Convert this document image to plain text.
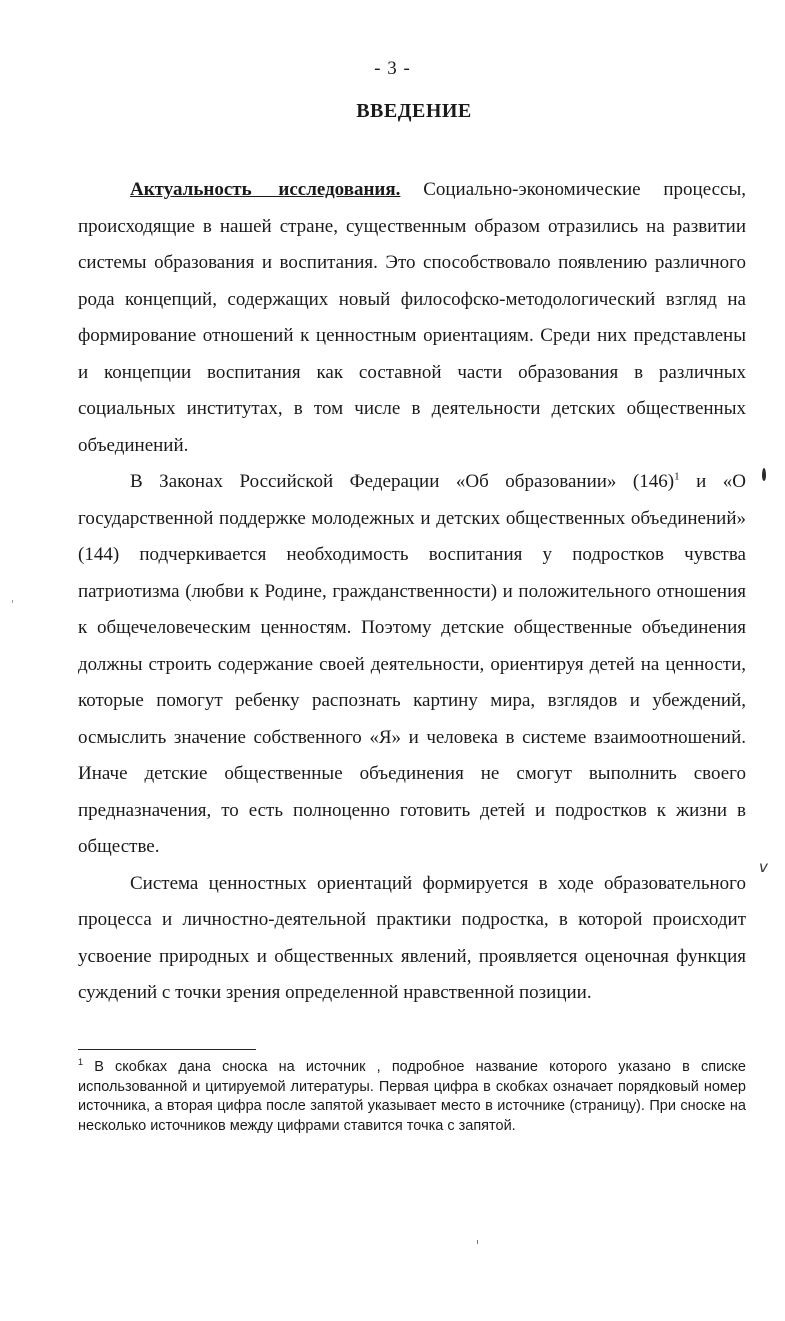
- 3 -
ВВЕДЕНИЕ

Актуальность исследования. Социально-экономические процессы, происходящие в нашей стране, существенным образом отразились на развитии системы образования и воспитания. Это способствовало появлению различного рода концепций, содержащих новый философско-методологический взгляд на формирование отношений к ценностным ориентациям. Среди них представлены и концепции воспитания как составной части образования в различных социальных институтах, в том числе в деятельности детских общественных объединений.

В Законах Российской Федерации «Об образовании» (146)$^1$ и «О государственной поддержке молодежных и детских общественных объединений» (144) подчеркивается необходимость воспитания у подростков чувства патриотизма (любви к Родине, гражданственности) и положительного отношения к общечеловеческим ценностям. Поэтому детские общественные объединения должны строить содержание своей деятельности, ориентируя детей на ценности, которые помогут ребенку распознать картину мира, взглядов и убеждений, осмыслить значение собственного «Я» и человека в системе взаимоотношений. Иначе детские общественные объединения не смогут выполнить своего предназначения, то есть полноценно готовить детей и подростков к жизни в обществе.

Система ценностных ориентаций формируется в ходе образовательного процесса и личностно-деятельной практики подростка, в которой происходит усвоение природных и общественных явлений, проявляется оценочная функция суждений с точки зрения определенной нравственной позиции.

$^1$ В скобках дана сноска на источник , подробное название которого указано в списке использованной и цитируемой литературы. Первая цифра в скобках означает порядковый номер источника, а вторая цифра после запятой указывает место в источнике (страницу). При сноске на несколько источников между цифрами ставится точка с запятой.
v
